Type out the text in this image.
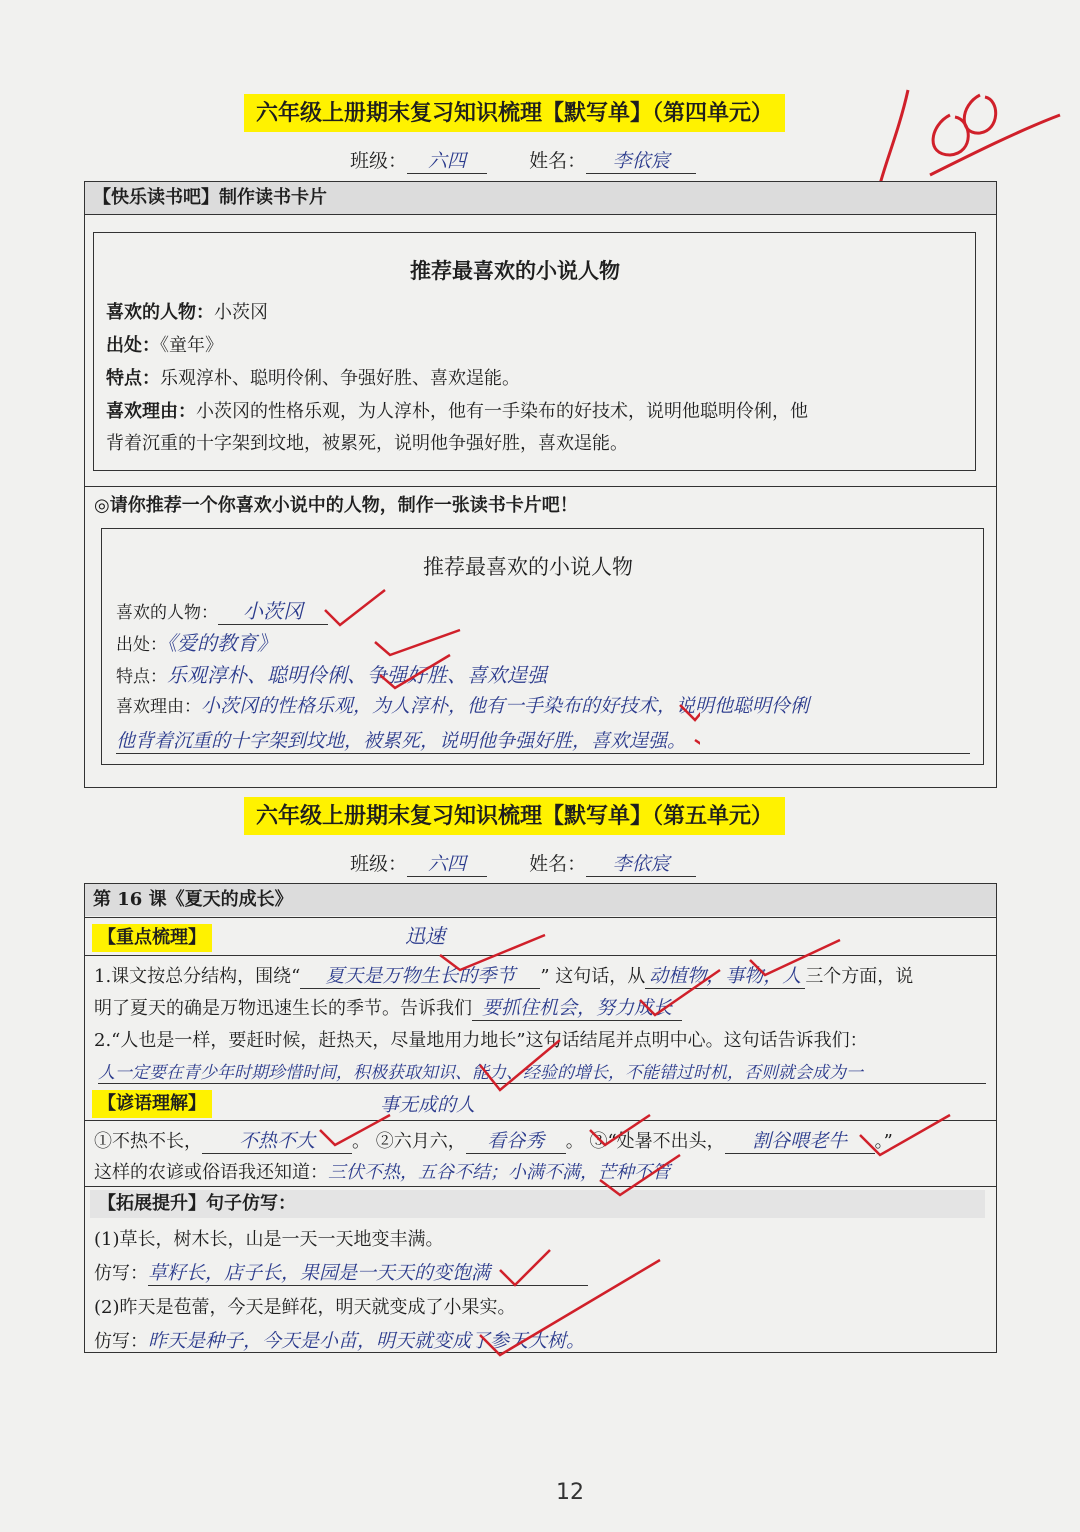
六年级上册期末复习知识梳理【默写单】（第四单元）
班级： 六四	姓名： 李依宸
【快乐读书吧】制作读书卡片
推荐最喜欢的小说人物
喜欢的人物：小茨冈
出处：《童年》
特点：乐观淳朴、聪明伶俐、争强好胜、喜欢逞能。
喜欢理由：小茨冈的性格乐观，为人淳朴，他有一手染布的好技术，说明他聪明伶俐，他
背着沉重的十字架到坟地，被累死，说明他争强好胜，喜欢逞能。
◎请你推荐一个你喜欢小说中的人物，制作一张读书卡片吧！
推荐最喜欢的小说人物
喜欢的人物： 小茨冈
出处：《爱的教育》
特点：乐观淳朴、聪明伶俐、争强好胜、喜欢逞强
喜欢理由：小茨冈的性格乐观，为人淳朴，他有一手染布的好技术，说明他聪明伶俐
他背着沉重的十字架到坟地，被累死，说明他争强好胜，喜欢逞强。
六年级上册期末复习知识梳理【默写单】（第五单元）
班级： 六四	姓名： 李依宸
第 16 课《夏天的成长》
【重点梳理】	迅速
1.课文按总分结构，围绕“ 夏天是万物生长的季节 ” 这句话，从 动植物，事物，人 三个方面，说
明了夏天的确是万物迅速生长的季节。告诉我们 要抓住机会，努力成长
2.“人也是一样，要赶时候，赶热天，尽量地用力地长”这句话结尾并点明中心。这句话告诉我们：
人一定要在青少年时期珍惜时间，积极获取知识、能力、经验的增长，不能错过时机，否则就会成为一
事无成的人
【谚语理解】
①不热不长， 不热不大 。 ②六月六， 看谷秀 。 ③“处暑不出头， 割谷喂老牛 。”
这样的农谚或俗语我还知道：三伏不热，五谷不结；小满不满，芒种不管
【拓展提升】句子仿写：
(1)草长，树木长，山是一天一天地变丰满。
仿写：草籽长，店子长，果园是一天天的变饱满
(2)昨天是苞蕾，今天是鲜花，明天就变成了小果实。
仿写：昨天是种子，今天是小苗，明天就变成了参天大树。
12
